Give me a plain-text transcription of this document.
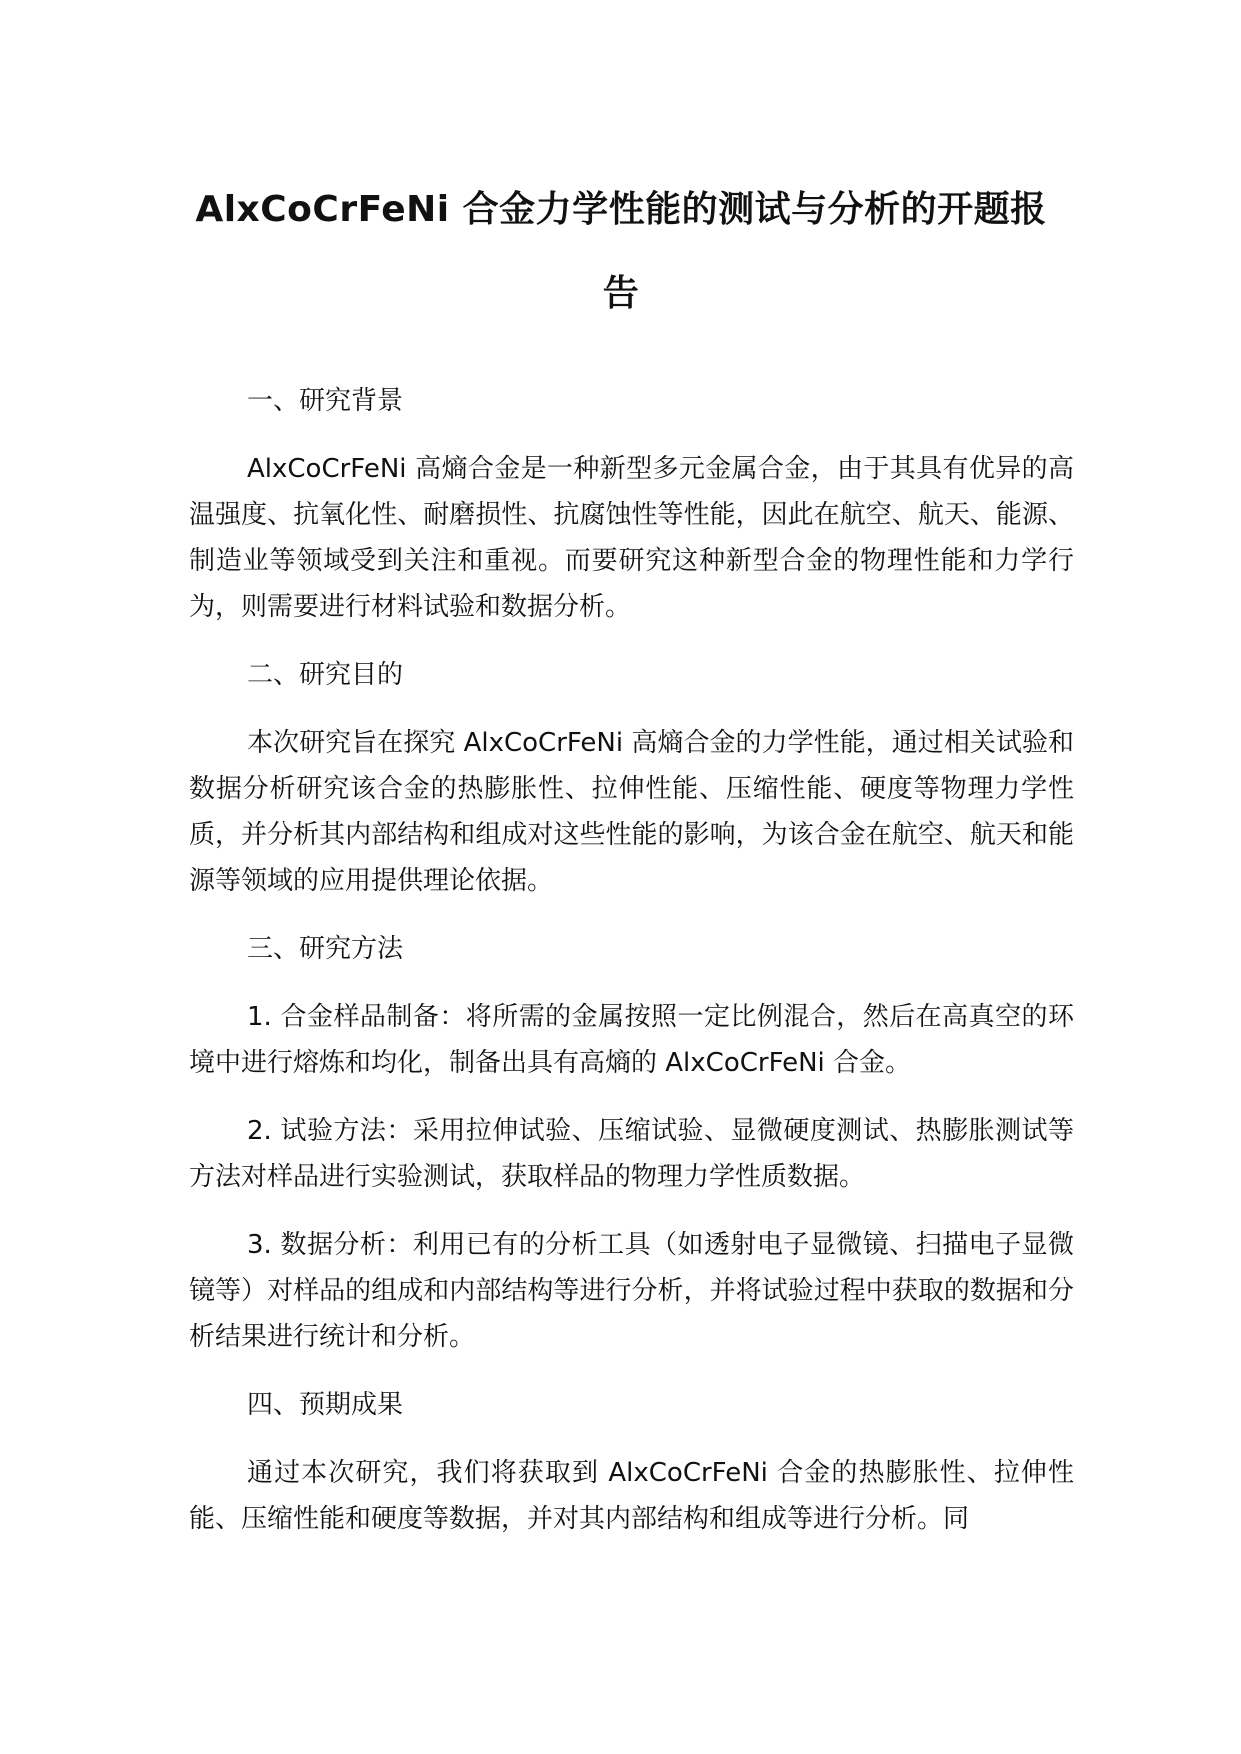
AlxCoCrFeNi 合金力学性能的测试与分析的开题报告

一、研究背景

AlxCoCrFeNi 高熵合金是一种新型多元金属合金，由于其具有优异的高温强度、抗氧化性、耐磨损性、抗腐蚀性等性能，因此在航空、航天、能源、制造业等领域受到关注和重视。而要研究这种新型合金的物理性能和力学行为，则需要进行材料试验和数据分析。

二、研究目的

本次研究旨在探究 AlxCoCrFeNi 高熵合金的力学性能，通过相关试验和数据分析研究该合金的热膨胀性、拉伸性能、压缩性能、硬度等物理力学性质，并分析其内部结构和组成对这些性能的影响，为该合金在航空、航天和能源等领域的应用提供理论依据。

三、研究方法

1. 合金样品制备：将所需的金属按照一定比例混合，然后在高真空的环境中进行熔炼和均化，制备出具有高熵的 AlxCoCrFeNi 合金。

2. 试验方法：采用拉伸试验、压缩试验、显微硬度测试、热膨胀测试等方法对样品进行实验测试，获取样品的物理力学性质数据。

3. 数据分析：利用已有的分析工具（如透射电子显微镜、扫描电子显微镜等）对样品的组成和内部结构等进行分析，并将试验过程中获取的数据和分析结果进行统计和分析。

四、预期成果

通过本次研究，我们将获取到 AlxCoCrFeNi 合金的热膨胀性、拉伸性能、压缩性能和硬度等数据，并对其内部结构和组成等进行分析。同
